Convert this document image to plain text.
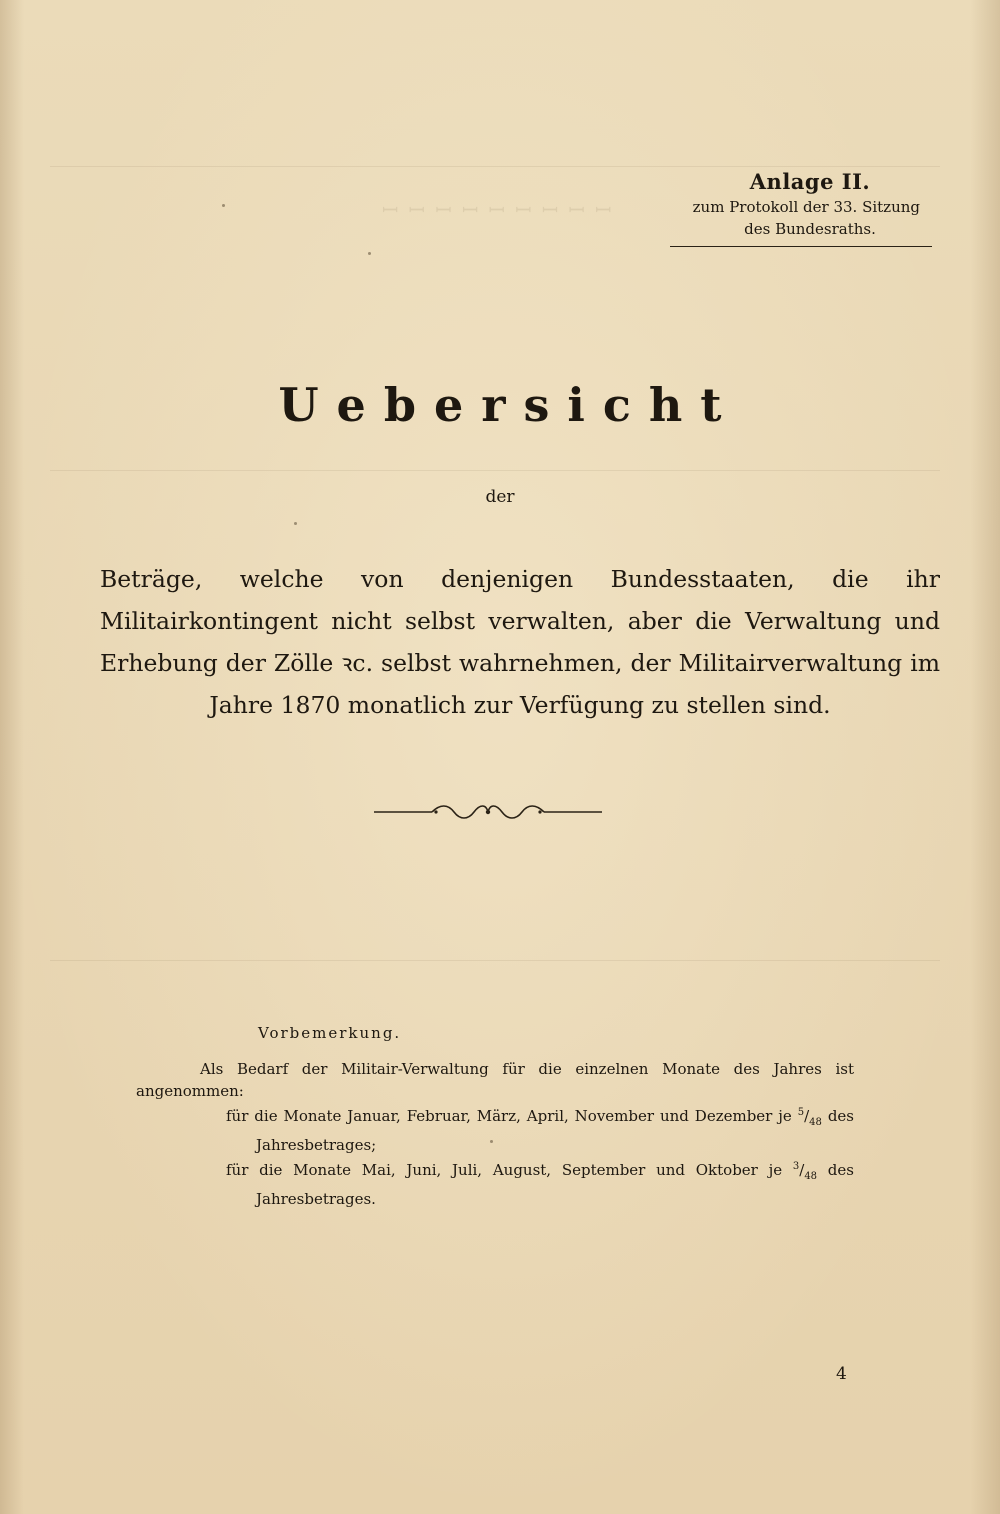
ꟷ ꟷ ꟷ ꟷ ꟷ ꟷ ꟷ ꟷ ꟷ
Anlage II.
zum Protokoll der 33. Sitzung
des Bundesraths.
Uebersicht
der
Beträge, welche von denjenigen Bundesstaaten, die ihr Militairkontingent nicht selbst verwalten, aber die Verwaltung und Erhebung der Zölle ꝛc. selbst wahrnehmen, der Militairverwaltung im Jahre 1870 monatlich zur Verfügung zu stellen sind.
Vorbemerkung.
Als Bedarf der Militair-Verwaltung für die einzelnen Monate des Jahres ist angenommen:
für die Monate Januar, Februar, März, April, November und Dezember je $^5/_{48}$ des Jahresbetrages;
für die Monate Mai, Juni, Juli, August, September und Oktober je $^3/_{48}$ des Jahresbetrages.
4
